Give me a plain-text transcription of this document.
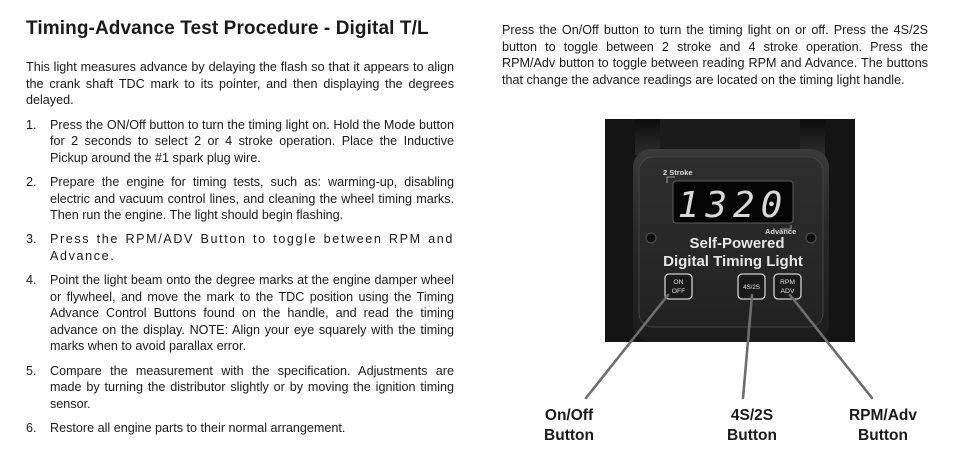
Timing-Advance Test Procedure - Digital T/L

This light measures advance by delaying the flash so that it appears to align the crank shaft TDC mark to its pointer, and then displaying the degrees delayed.

1.	Press the ON/Off button to turn the timing light on. Hold the Mode button for 2 seconds to select 2 or 4 stroke operation. Place the Inductive Pickup around the #1 spark plug wire.
2.	Prepare the engine for timing tests, such as: warming-up, disabling electric and vacuum control lines, and cleaning the wheel timing marks. Then run the engine. The light should begin flashing.
3.	Press the RPM/ADV Button to toggle between RPM and Advance.
4.	Point the light beam onto the degree marks at the engine damper wheel or flywheel, and move the mark to the TDC position using the Timing Advance Control Buttons found on the handle, and read the timing advance on the display. NOTE: Align your eye squarely with the timing marks when to avoid parallax error.
5.	Compare the measurement with the specification. Adjustments are made by turning the distributor slightly or by moving the ignition timing sensor.
6.	Restore all engine parts to their normal arrangement.

Press the On/Off button to turn the timing light on or off. Press the 4S/2S button to toggle between 2 stroke and 4 stroke operation. Press the RPM/Adv button to toggle between reading RPM and Advance. The buttons that change the advance readings are located on the timing light handle.

2 Stroke
1320
Advance
Self-Powered
Digital Timing Light
ON
OFF
4S/2S
RPM
ADV
On/Off
Button
4S/2S
Button
RPM/Adv
Button
